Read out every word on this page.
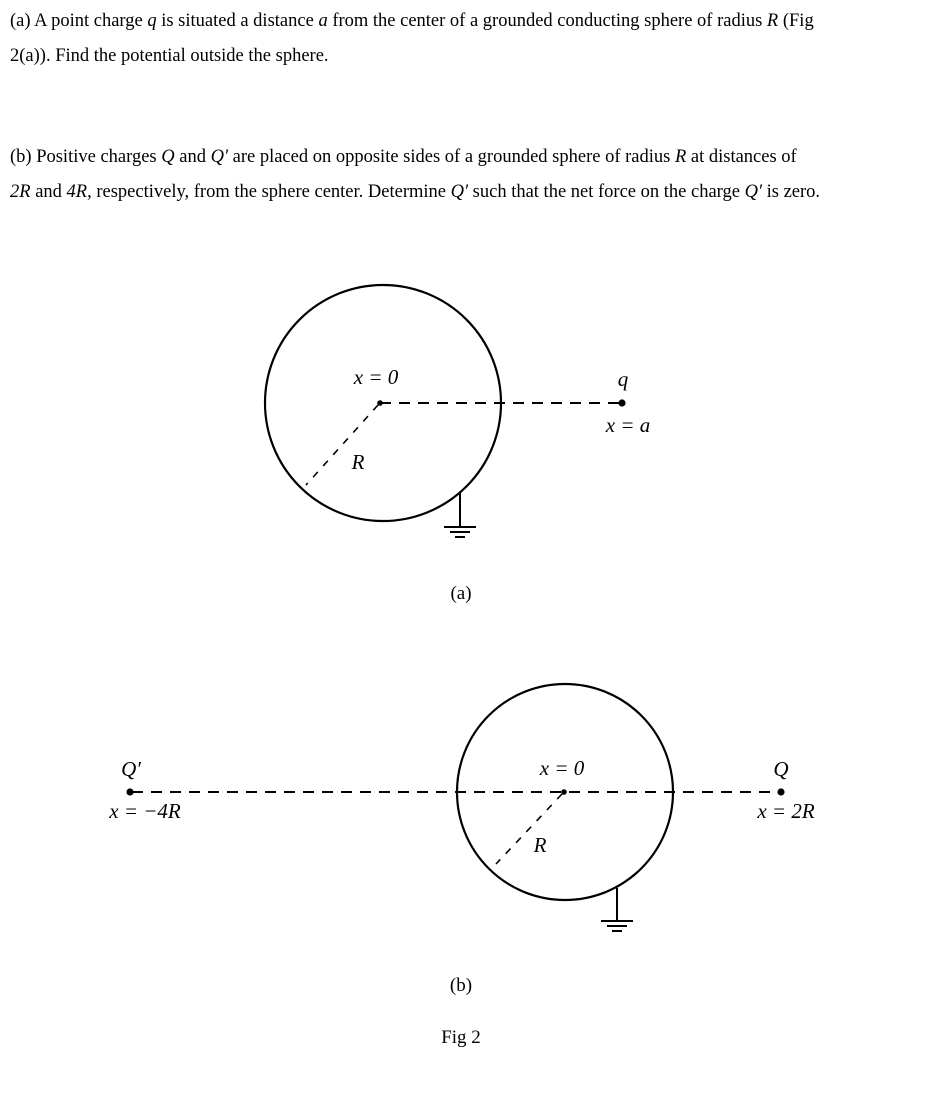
(a) A point charge q is situated a distance a from the center of a grounded conducting sphere of radius R (Fig
2(a)). Find the potential outside the sphere.
(b) Positive charges Q and Q′ are placed on opposite sides of a grounded sphere of radius R at distances of
2R and 4R, respectively, from the sphere center. Determine Q′ such that the net force on the charge Q′ is zero.
x = 0
R
q
x = a
(a)
x = 0
R
Q′
x = −4R
Q
x = 2R
(b)
Fig 2
